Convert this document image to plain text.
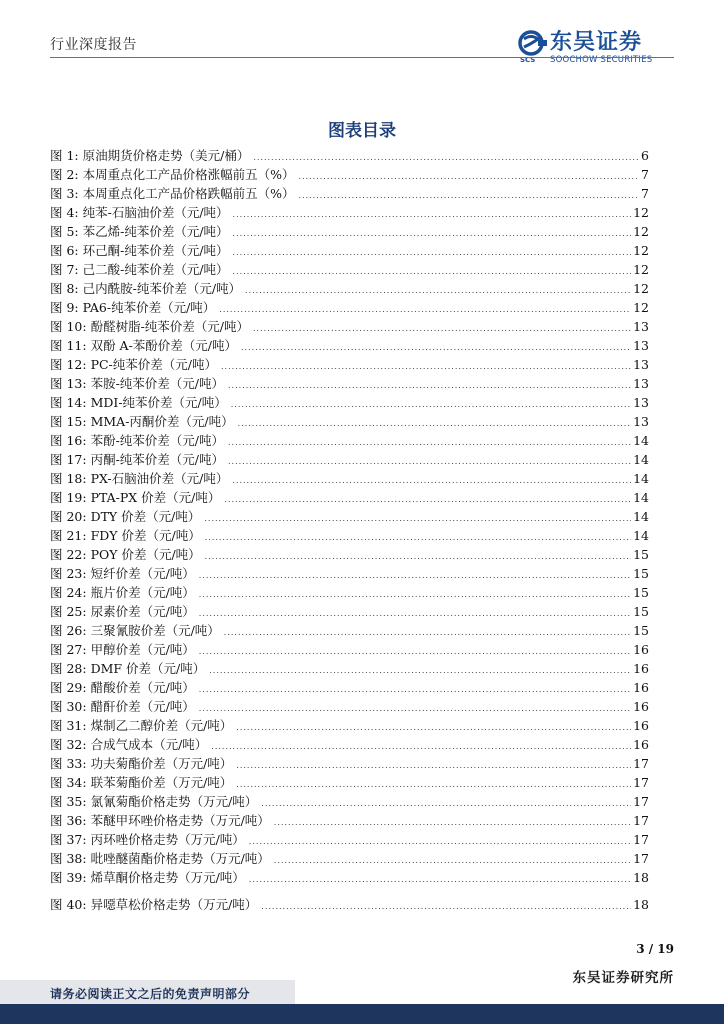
行业深度报告	东吴证券
SCS SOOCHOW SECURITIES
图表目录
图 1: 原油期货价格走势（美元/桶） .....	6
图 2: 本周重点化工产品价格涨幅前五（%） .....	7
图 3: 本周重点化工产品价格跌幅前五（%） .....	7
图 4: 纯苯-石脑油价差（元/吨） .....	12
图 5: 苯乙烯-纯苯价差（元/吨） .....	12
图 6: 环己酮-纯苯价差（元/吨） .....	12
图 7: 己二酸-纯苯价差（元/吨） .....	12
图 8: 己内酰胺-纯苯价差（元/吨） .....	12
图 9: PA6-纯苯价差（元/吨） .....	12
图 10: 酚醛树脂-纯苯价差（元/吨） .....	13
图 11: 双酚 A-苯酚价差（元/吨） .....	13
图 12: PC-纯苯价差（元/吨） .....	13
图 13: 苯胺-纯苯价差（元/吨） .....	13
图 14: MDI-纯苯价差（元/吨） .....	13
图 15: MMA-丙酮价差（元/吨） .....	13
图 16: 苯酚-纯苯价差（元/吨） .....	14
图 17: 丙酮-纯苯价差（元/吨） .....	14
图 18: PX-石脑油价差（元/吨） .....	14
图 19: PTA-PX 价差（元/吨） .....	14
图 20: DTY 价差（元/吨） .....	14
图 21: FDY 价差（元/吨） .....	14
图 22: POY 价差（元/吨） .....	15
图 23: 短纤价差（元/吨） .....	15
图 24: 瓶片价差（元/吨） .....	15
图 25: 尿素价差（元/吨） .....	15
图 26: 三聚氰胺价差（元/吨） .....	15
图 27: 甲醇价差（元/吨） .....	16
图 28: DMF 价差（元/吨） .....	16
图 29: 醋酸价差（元/吨） .....	16
图 30: 醋酐价差（元/吨） .....	16
图 31: 煤制乙二醇价差（元/吨） .....	16
图 32: 合成气成本（元/吨） .....	16
图 33: 功夫菊酯价差（万元/吨） .....	17
图 34: 联苯菊酯价差（万元/吨） .....	17
图 35: 氯氰菊酯价格走势（万元/吨） .....	17
图 36: 苯醚甲环唑价格走势（万元/吨） .....	17
图 37: 丙环唑价格走势（万元/吨） .....	17
图 38: 吡唑醚菌酯价格走势（万元/吨） .....	17
图 39: 烯草酮价格走势（万元/吨） .....	18
图 40: 异噁草松价格走势（万元/吨） .....	18
3 / 19
东吴证券研究所
请务必阅读正文之后的免责声明部分
